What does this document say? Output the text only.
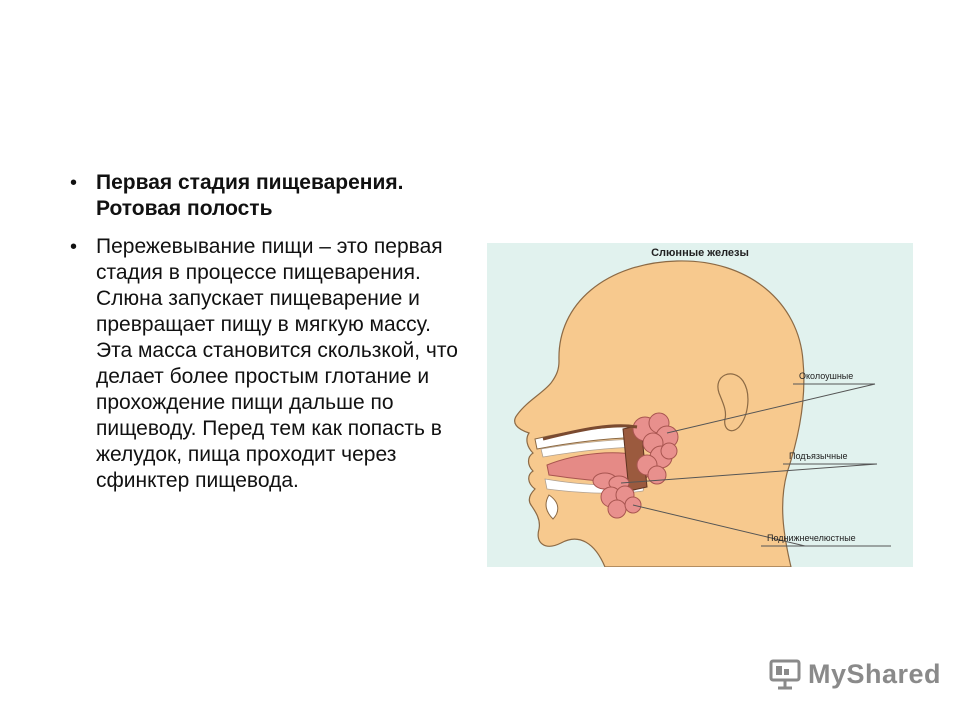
• Первая стадия пищеварения. Ротовая полость
• Пережевывание пищи – это первая стадия в процессе пищеварения. Слюна запускает пищеварение и превращает пищу в мягкую массу. Эта масса становится скользкой, что делает более простым глотание и прохождение пищи дальше по пищеводу. Перед тем как попасть в желудок, пища проходит через сфинктер пищевода.
Слюнные железы
Околоушные
Подъязычные
Поднижнечелюстные
MyShared
